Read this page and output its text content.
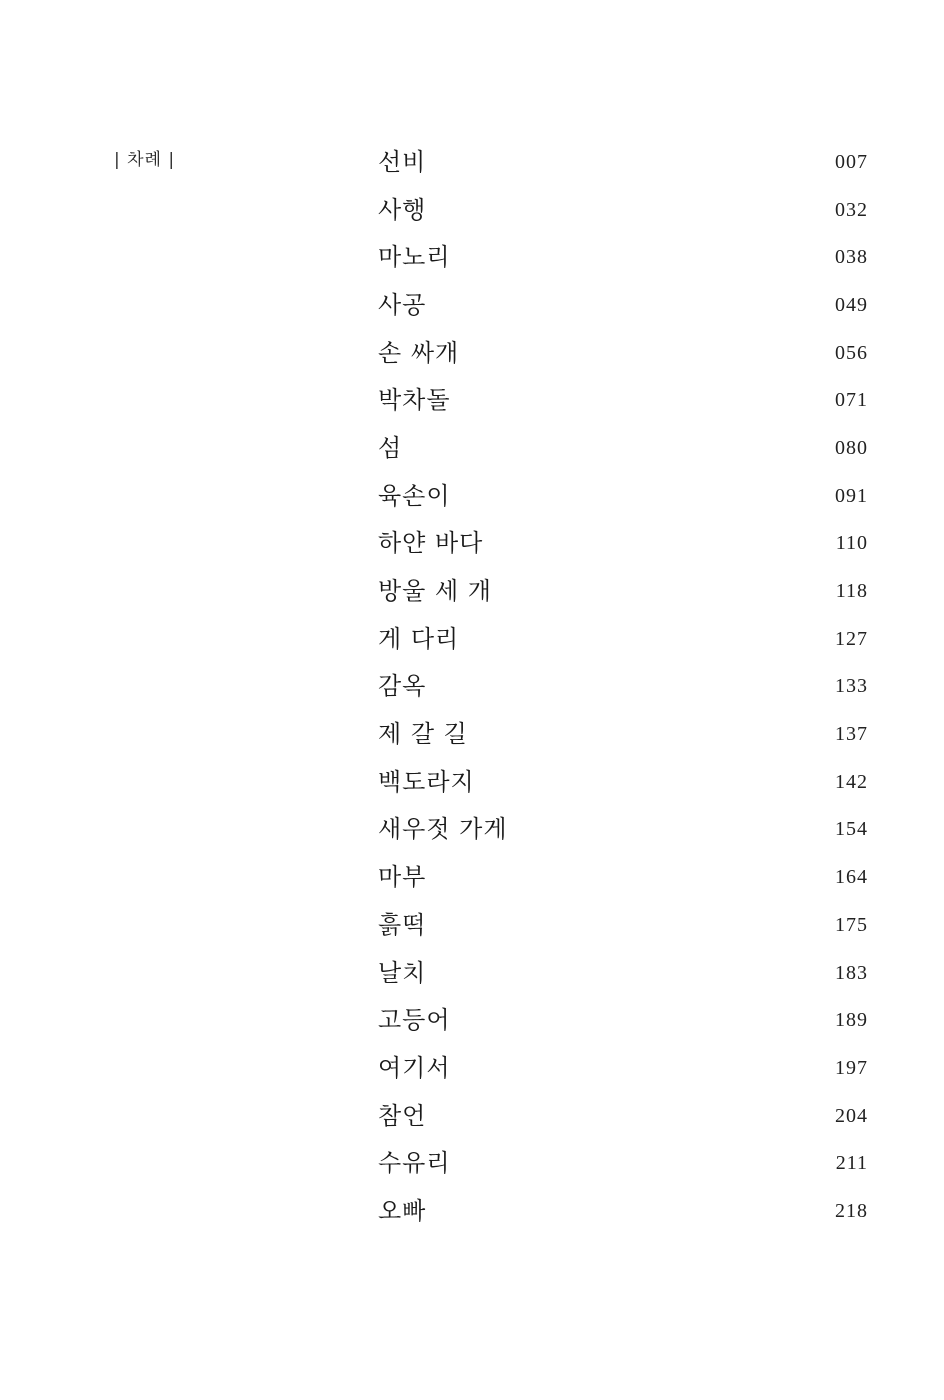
| 차례 |	선비	007
사행	032
마노리	038
사공	049
손 싸개	056
박차돌	071
섬	080
육손이	091
하얀 바다	110
방울 세 개	118
게 다리	127
감옥	133
제 갈 길	137
백도라지	142
새우젓 가게	154
마부	164
흙떡	175
날치	183
고등어	189
여기서	197
참언	204
수유리	211
오빠	218
